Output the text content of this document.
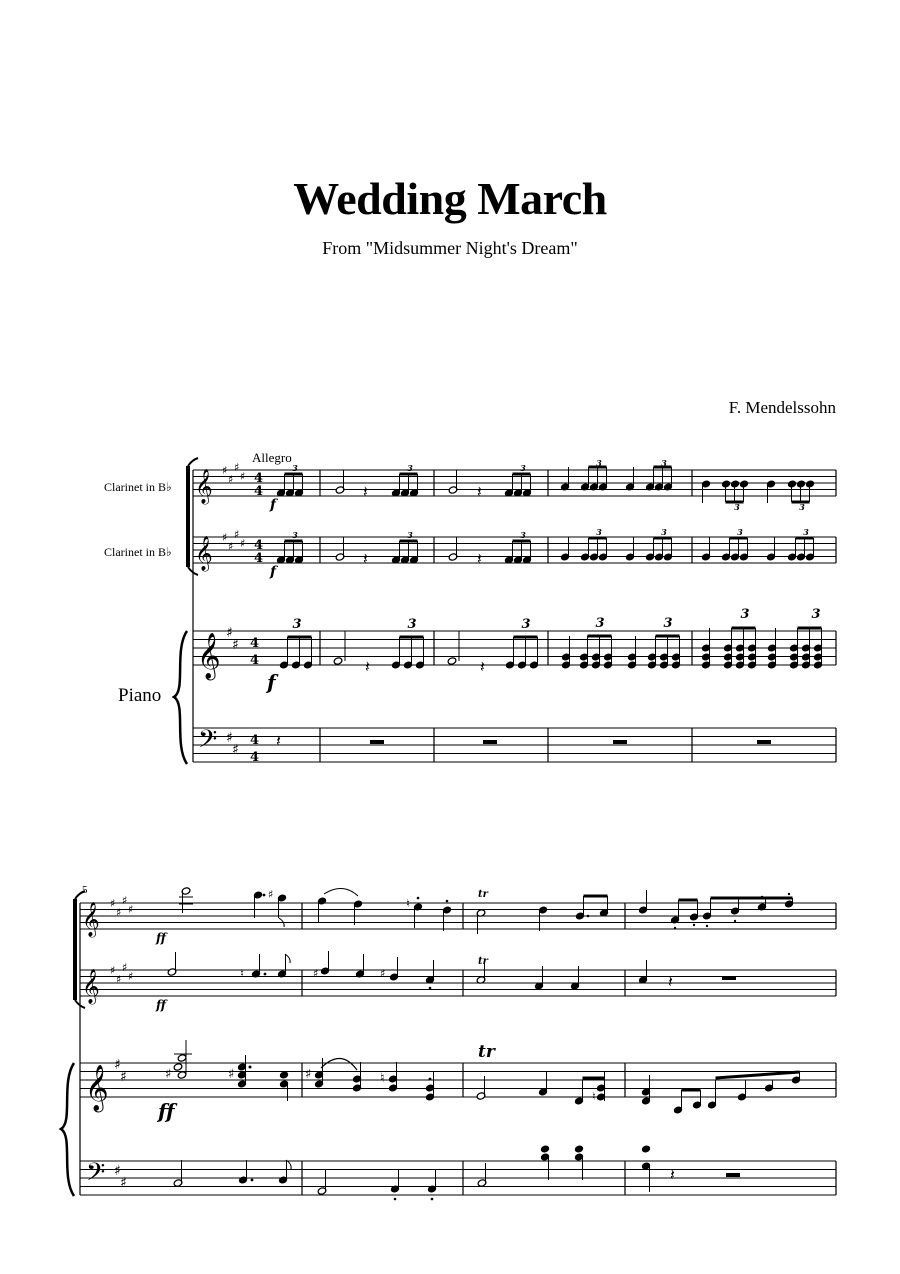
Wedding March
From "Midsummer Night's Dream"
F. Mendelssohn
Allegro
Clarinet in B♭
Clarinet in B♭
Piano
5
𝄞
𝄞
♯
♯
♯
♯
♯
♯
♯
♯
4
4
4
4
𝄞 ♯
♯ 4
4
𝄢 ♯
♯
4
4
3
𝄽
3
𝄽
3	3	3
3	3
f
3
𝄽
3
𝄽
3	3	3	3	3
f
3
𝄽
3
𝄽
3	3	3
3	3
f
𝄽
𝄞
𝄞
♯
♯
♯
♯
♯
♯
♯
♯
𝄞 ♯
♯
𝄢 ♯
♯
♯
♮
tr
ff
♮	♯	♯
tr
𝄽
ff
♯	♯	♯	♮
tr
♮
ff
𝄽
